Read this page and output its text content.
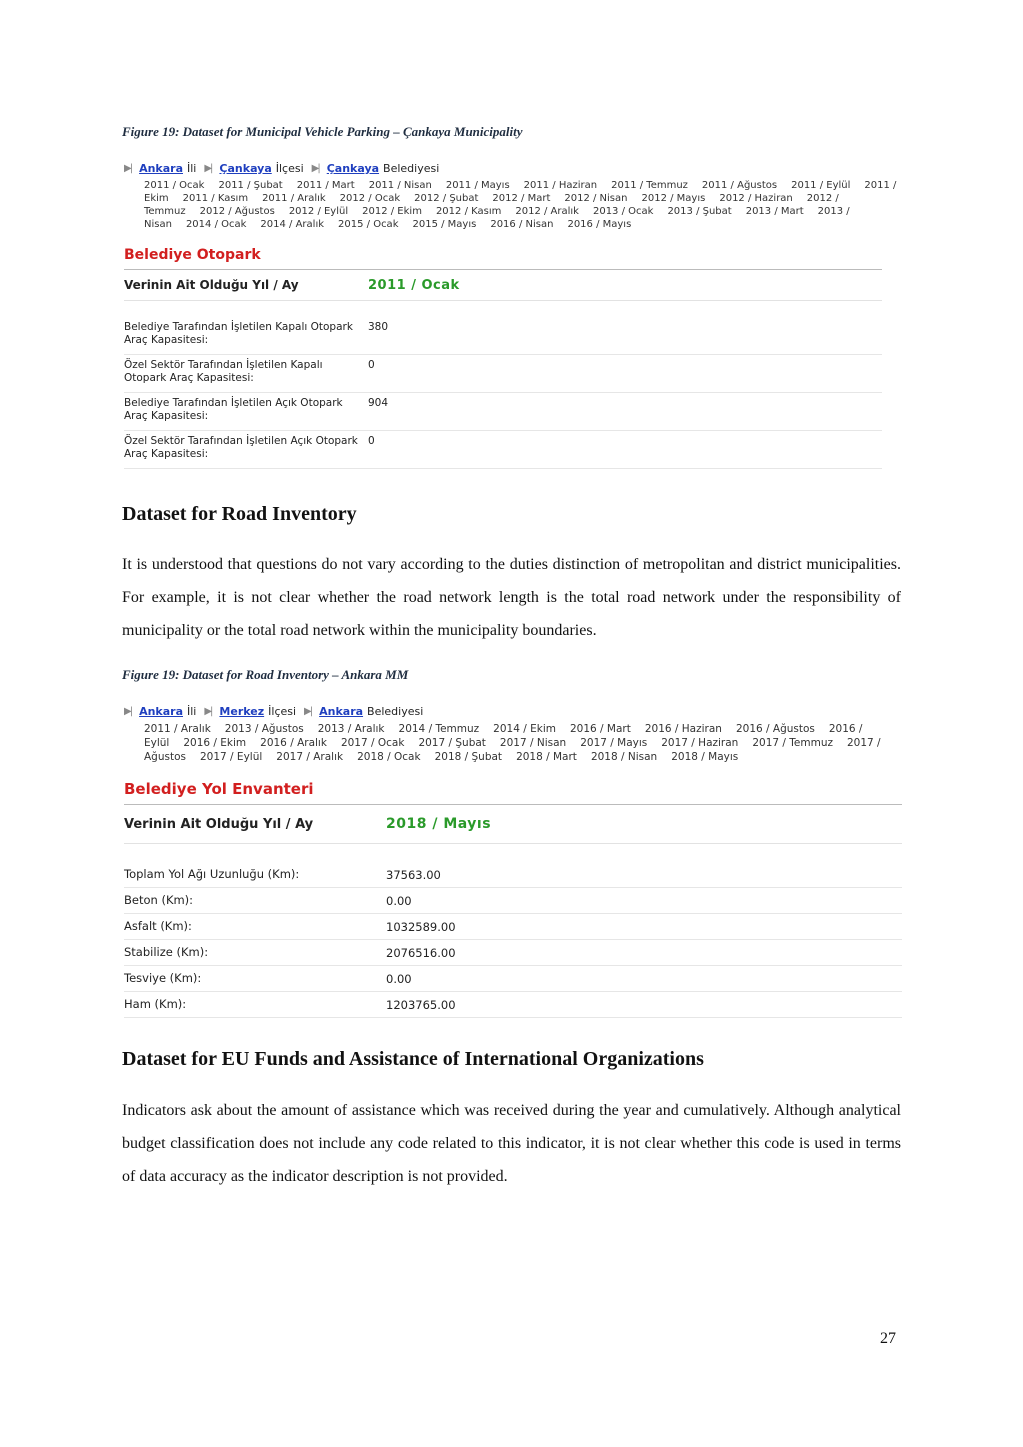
Figure 19: Dataset for Municipal Vehicle Parking – Çankaya Municipality
▶| Ankara İli ▶| Çankaya İlçesi ▶| Çankaya Belediyesi
2011 / Ocak 2011 / Şubat 2011 / Mart 2011 / Nisan 2011 / Mayıs 2011 / Haziran 2011 / Temmuz 2011 / Ağustos 2011 / Eylül 2011 /
Ekim 2011 / Kasım 2011 / Aralık 2012 / Ocak 2012 / Şubat 2012 / Mart 2012 / Nisan 2012 / Mayıs 2012 / Haziran 2012 /
Temmuz 2012 / Ağustos 2012 / Eylül 2012 / Ekim 2012 / Kasım 2012 / Aralık 2013 / Ocak 2013 / Şubat 2013 / Mart 2013 /
Nisan 2014 / Ocak 2014 / Aralık 2015 / Ocak 2015 / Mayıs 2016 / Nisan 2016 / Mayıs
Belediye Otopark
Verinin Ait Olduğu Yıl / Ay	2011 / Ocak
Belediye Tarafından İşletilen Kapalı Otopark Araç Kapasitesi:
380
Özel Sektör Tarafından İşletilen Kapalı Otopark Araç Kapasitesi:
0
Belediye Tarafından İşletilen Açık Otopark Araç Kapasitesi:
904
Özel Sektör Tarafından İşletilen Açık Otopark Araç Kapasitesi:
0
Dataset for Road Inventory
It is understood that questions do not vary according to the duties distinction of metropolitan and district municipalities. For example, it is not clear whether the road network length is the total road network under the responsibility of municipality or the total road network within the municipality boundaries.
Figure 19: Dataset for Road Inventory – Ankara MM
▶| Ankara İli ▶| Merkez İlçesi ▶| Ankara Belediyesi
2011 / Aralık 2013 / Ağustos 2013 / Aralık 2014 / Temmuz 2014 / Ekim 2016 / Mart 2016 / Haziran 2016 / Ağustos 2016 /
Eylül 2016 / Ekim 2016 / Aralık 2017 / Ocak 2017 / Şubat 2017 / Nisan 2017 / Mayıs 2017 / Haziran 2017 / Temmuz 2017 /
Ağustos 2017 / Eylül 2017 / Aralık 2018 / Ocak 2018 / Şubat 2018 / Mart 2018 / Nisan 2018 / Mayıs
Belediye Yol Envanteri
Verinin Ait Olduğu Yıl / Ay	2018 / Mayıs
Toplam Yol Ağı Uzunluğu (Km):	37563.00
Beton (Km):	0.00
Asfalt (Km):	1032589.00
Stabilize (Km):	2076516.00
Tesviye (Km):	0.00
Ham (Km):	1203765.00
Dataset for EU Funds and Assistance of International Organizations
Indicators ask about the amount of assistance which was received during the year and cumulatively. Although analytical budget classification does not include any code related to this indicator, it is not clear whether this code is used in terms of data accuracy as the indicator description is not provided.
27
